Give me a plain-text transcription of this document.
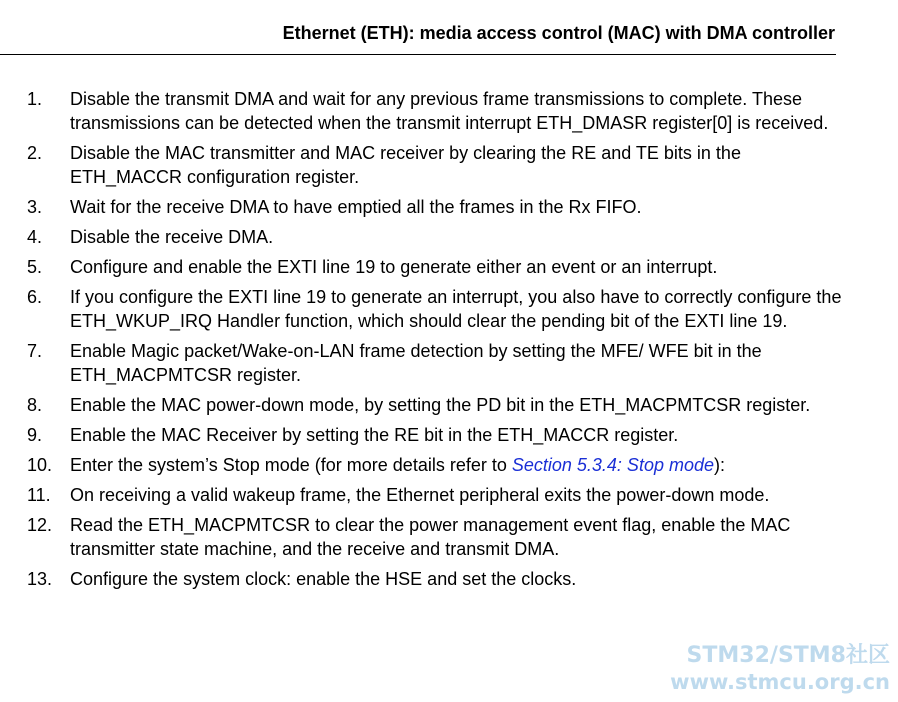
Ethernet (ETH): media access control (MAC) with DMA controller
1.	Disable the transmit DMA and wait for any previous frame transmissions to complete. These transmissions can be detected when the transmit interrupt ETH_DMASR register[0] is received.
2.	Disable the MAC transmitter and MAC receiver by clearing the RE and TE bits in the ETH_MACCR configuration register.
3.	Wait for the receive DMA to have emptied all the frames in the Rx FIFO.
4.	Disable the receive DMA.
5.	Configure and enable the EXTI line 19 to generate either an event or an interrupt.
6.	If you configure the EXTI line 19 to generate an interrupt, you also have to correctly configure the ETH_WKUP_IRQ Handler function, which should clear the pending bit of the EXTI line 19.
7.	Enable Magic packet/Wake-on-LAN frame detection by setting the MFE/ WFE bit in the ETH_MACPMTCSR register.
8.	Enable the MAC power-down mode, by setting the PD bit in the ETH_MACPMTCSR register.
9.	Enable the MAC Receiver by setting the RE bit in the ETH_MACCR register.
10. Enter the system’s Stop mode (for more details refer to Section 5.3.4: Stop mode):
11.	On receiving a valid wakeup frame, the Ethernet peripheral exits the power-down mode.
12. Read the ETH_MACPMTCSR to clear the power management event flag, enable the MAC transmitter state machine, and the receive and transmit DMA.
13. Configure the system clock: enable the HSE and set the clocks.
STM32/STM8社区
www.stmcu.org.cn
